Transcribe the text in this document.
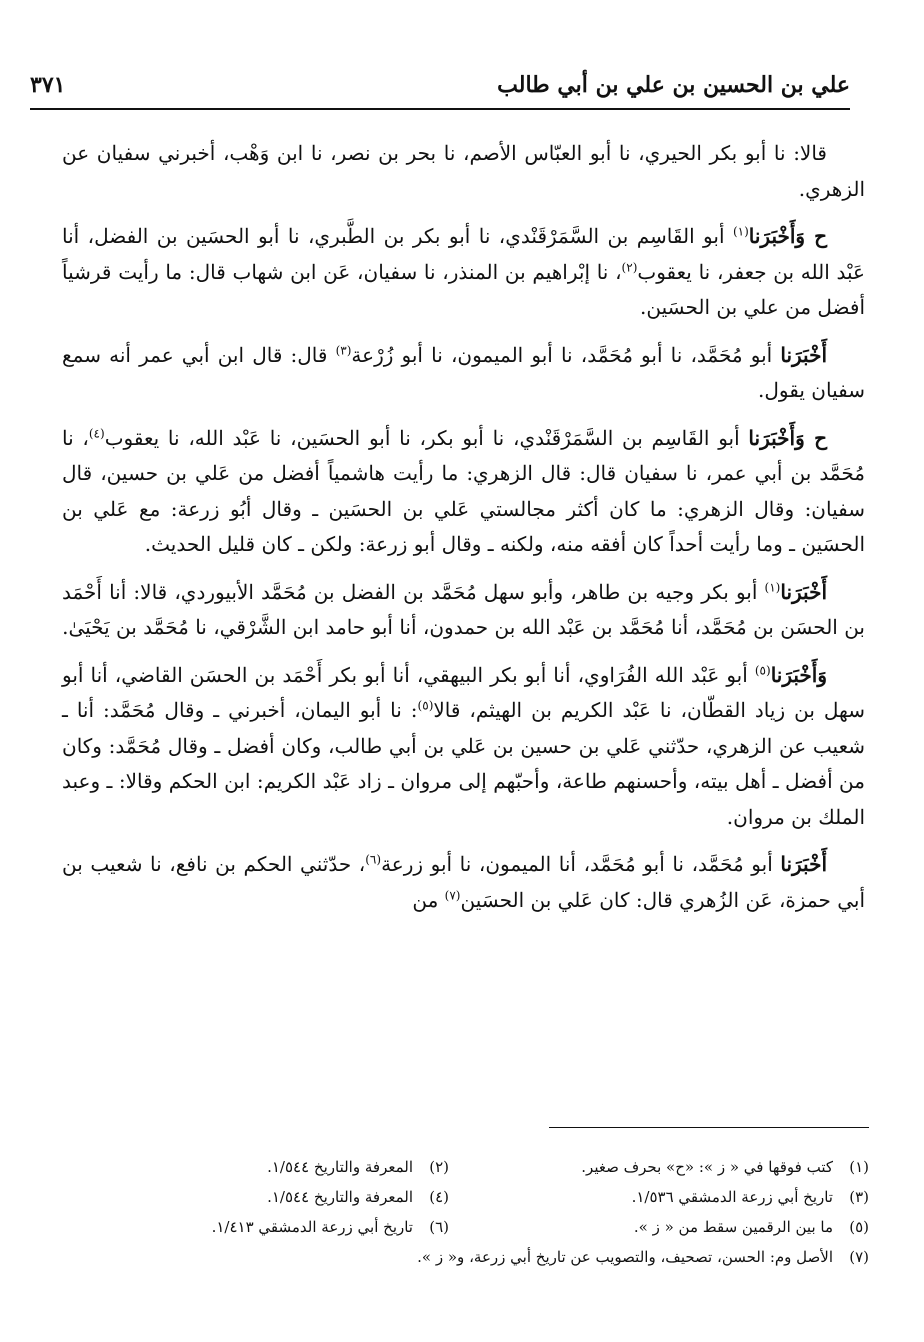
علي بن الحسين بن علي بن أبي طالب
٣٧١

قالا: نا أبو بكر الحيري، نا أبو العبّاس الأصم، نا بحر بن نصر، نا ابن وَهْب، أخبرني سفيان عن الزهري.

ح وَأَخْبَرَنا$^{(١)}$ أبو القَاسِم بن السَّمَرْقَنْدي، نا أبو بكر بن الطَّبري، نا أبو الحسَين بن الفضل، أنا عَبْد الله بن جعفر، نا يعقوب$^{(٢)}$، نا إبْراهيم بن المنذر، نا سفيان، عَن ابن شهاب قال: ما رأيت قرشياً أفضل من علي بن الحسَين.

أَخْبَرَنا أبو مُحَمَّد، نا أبو مُحَمَّد، نا أبو الميمون، نا أبو زُرْعة$^{(٣)}$ قال: قال ابن أبي عمر أنه سمع سفيان يقول.

ح وَأَخْبَرَنا أبو القَاسِم بن السَّمَرْقَنْدي، نا أبو بكر، نا أبو الحسَين، نا عَبْد الله، نا يعقوب$^{(٤)}$، نا مُحَمَّد بن أبي عمر، نا سفيان قال: قال الزهري: ما رأيت هاشمياً أفضل من عَلي بن حسين، قال سفيان: وقال الزهري: ما كان أكثر مجالستي عَلي بن الحسَين ـ وقال أبُو زرعة: مع عَلي بن الحسَين ـ وما رأيت أحداً كان أفقه منه، ولكنه ـ وقال أبو زرعة: ولكن ـ كان قليل الحديث.

أَخْبَرَنا$^{(١)}$ أبو بكر وجيه بن طاهر، وأبو سهل مُحَمَّد بن الفضل بن مُحَمَّد الأبيوردي، قالا: أنا أَحْمَد بن الحسَن بن مُحَمَّد، أنا مُحَمَّد بن عَبْد الله بن حمدون، أنا أبو حامد ابن الشَّرْقي، نا مُحَمَّد بن يَحْيَىٰ.

وَأَخْبَرَنا$^{(٥)}$ أبو عَبْد الله الفُرَاوي، أنا أبو بكر البيهقي، أنا أبو بكر أَحْمَد بن الحسَن القاضي، أنا أبو سهل بن زياد القطّان، نا عَبْد الكريم بن الهيثم، قالا$^{(٥)}$: نا أبو اليمان، أخبرني ـ وقال مُحَمَّد: أنا ـ شعيب عن الزهري، حدّثني عَلي بن حسين بن عَلي بن أبي طالب، وكان أفضل ـ وقال مُحَمَّد: وكان من أفضل ـ أهل بيته، وأحسنهم طاعة، وأحبّهم إلى مروان ـ زاد عَبْد الكريم: ابن الحكم وقالا: ـ وعبد الملك بن مروان.

أَخْبَرَنا أبو مُحَمَّد، نا أبو مُحَمَّد، أنا الميمون، نا أبو زرعة$^{(٦)}$، حدّثني الحكم بن نافع، نا شعيب بن أبي حمزة، عَن الزُهري قال: كان عَلي بن الحسَين$^{(٧)}$ من

(١)كتب فوقها في « ز »: «ح» بحرف صغير.
(٢)المعرفة والتاريخ ١/٥٤٤.
(٣)تاريخ أبي زرعة الدمشقي ١/٥٣٦.
(٤)المعرفة والتاريخ ١/٥٤٤.
(٥)ما بين الرقمين سقط من « ز ».
(٦)تاريخ أبي زرعة الدمشقي ١/٤١٣.
(٧)الأصل وم: الحسن، تصحيف، والتصويب عن تاريخ أبي زرعة، و« ز ».
